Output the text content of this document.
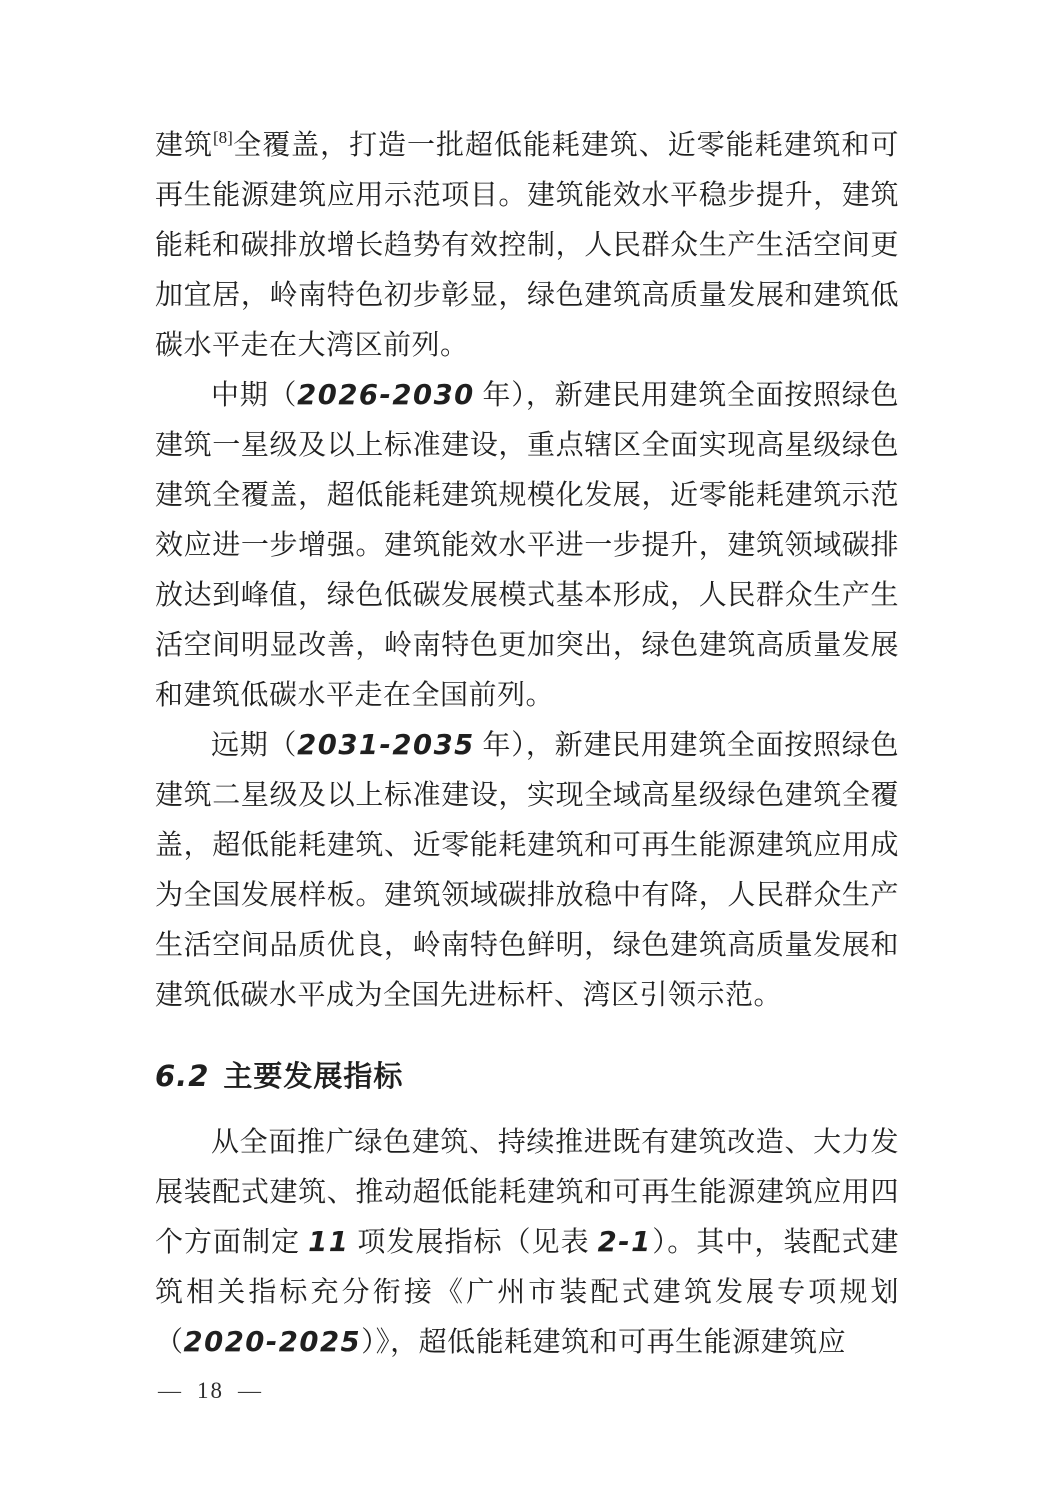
建筑[8]全覆盖，打造一批超低能耗建筑、近零能耗建筑和可再生能源建筑应用示范项目。建筑能效水平稳步提升，建筑能耗和碳排放增长趋势有效控制，人民群众生产生活空间更加宜居，岭南特色初步彰显，绿色建筑高质量发展和建筑低碳水平走在大湾区前列。

中期（2026-2030 年），新建民用建筑全面按照绿色建筑一星级及以上标准建设，重点辖区全面实现高星级绿色建筑全覆盖，超低能耗建筑规模化发展，近零能耗建筑示范效应进一步增强。建筑能效水平进一步提升，建筑领域碳排放达到峰值，绿色低碳发展模式基本形成，人民群众生产生活空间明显改善，岭南特色更加突出，绿色建筑高质量发展和建筑低碳水平走在全国前列。

远期（2031-2035 年），新建民用建筑全面按照绿色建筑二星级及以上标准建设，实现全域高星级绿色建筑全覆盖，超低能耗建筑、近零能耗建筑和可再生能源建筑应用成为全国发展样板。建筑领域碳排放稳中有降，人民群众生产生活空间品质优良，岭南特色鲜明，绿色建筑高质量发展和建筑低碳水平成为全国先进标杆、湾区引领示范。

6.2 主要发展指标

从全面推广绿色建筑、持续推进既有建筑改造、大力发展装配式建筑、推动超低能耗建筑和可再生能源建筑应用四个方面制定 11 项发展指标（见表 2-1）。其中，装配式建筑相关指标充分衔接《广州市装配式建筑发展专项规划（2020-2025）》，超低能耗建筑和可再生能源建筑应

— 18 —
